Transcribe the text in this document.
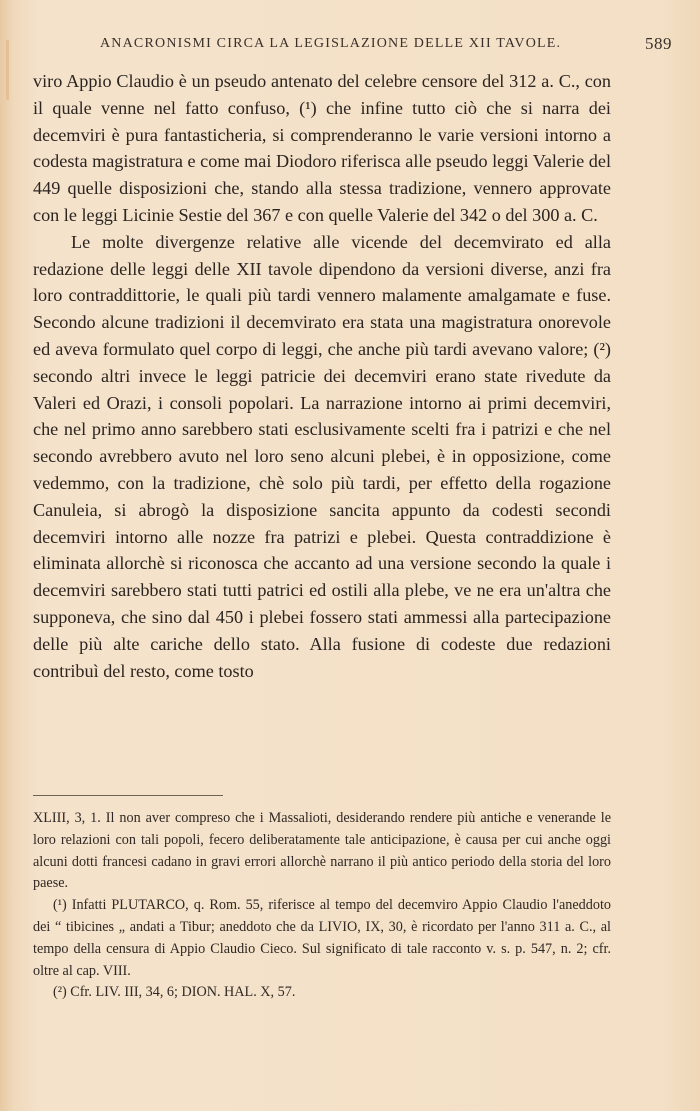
ANACRONISMI CIRCA LA LEGISLAZIONE DELLE XII TAVOLE.	589

viro Appio Claudio è un pseudo antenato del celebre censore del 312 a. C., con il quale venne nel fatto confuso, (¹) che infine tutto ciò che si narra dei decemviri è pura fantasticheria, si comprenderanno le varie versioni intorno a codesta magistratura e come mai Diodoro riferisca alle pseudo leggi Valerie del 449 quelle disposizioni che, stando alla stessa tradizione, vennero approvate con le leggi Licinie Sestie del 367 e con quelle Valerie del 342 o del 300 a. C.

Le molte divergenze relative alle vicende del decemvirato ed alla redazione delle leggi delle XII tavole dipendono da versioni diverse, anzi fra loro contraddittorie, le quali più tardi vennero malamente amalgamate e fuse. Secondo alcune tradizioni il decemvirato era stata una magistratura onorevole ed aveva formulato quel corpo di leggi, che anche più tardi avevano valore; (²) secondo altri invece le leggi patricie dei decemviri erano state rivedute da Valeri ed Orazi, i consoli popolari. La narrazione intorno ai primi decemviri, che nel primo anno sarebbero stati esclusivamente scelti fra i patrizi e che nel secondo avrebbero avuto nel loro seno alcuni plebei, è in opposizione, come vedemmo, con la tradizione, chè solo più tardi, per effetto della rogazione Canuleia, si abrogò la disposizione sancita appunto da codesti secondi decemviri intorno alle nozze fra patrizi e plebei. Questa contraddizione è eliminata allorchè si riconosca che accanto ad una versione secondo la quale i decemviri sarebbero stati tutti patrici ed ostili alla plebe, ve ne era un'altra che supponeva, che sino dal 450 i plebei fossero stati ammessi alla partecipazione delle più alte cariche dello stato. Alla fusione di codeste due redazioni contribuì del resto, come tosto

XLIII, 3, 1. Il non aver compreso che i Massalioti, desiderando rendere più antiche e venerande le loro relazioni con tali popoli, fecero deliberatamente tale anticipazione, è causa per cui anche oggi alcuni dotti francesi cadano in gravi errori allorchè narrano il più antico periodo della storia del loro paese.

(¹) Infatti PLUTARCO, q. Rom. 55, riferisce al tempo del decemviro Appio Claudio l'aneddoto dei “ tibicines „ andati a Tibur; aneddoto che da LIVIO, IX, 30, è ricordato per l'anno 311 a. C., al tempo della censura di Appio Claudio Cieco. Sul significato di tale racconto v. s. p. 547, n. 2; cfr. oltre al cap. VIII.

(²) Cfr. LIV. III, 34, 6; DION. HAL. X, 57.
